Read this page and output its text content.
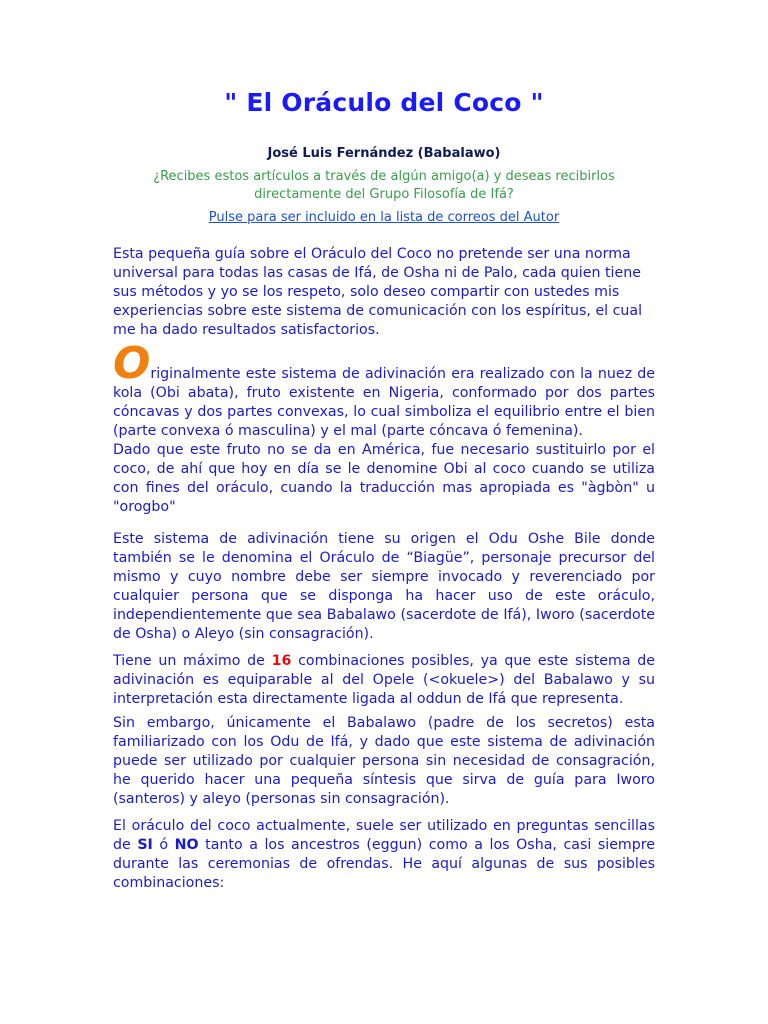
" El Oráculo del Coco "
José Luis Fernández (Babalawo)
¿Recibes estos artículos a través de algún amigo(a) y deseas recibirlos
directamente del Grupo Filosofía de Ifá?
Pulse para ser incluido en la lista de correos del Autor
Esta pequeña guía sobre el Oráculo del Coco no pretende ser una norma universal para todas las casas de Ifá, de Osha ni de Palo, cada quien tiene sus métodos y yo se los respeto, solo deseo compartir con ustedes mis experiencias sobre este sistema de comunicación con los espíritus, el cual me ha dado resultados satisfactorios.
Originalmente este sistema de adivinación era realizado con la nuez de kola (Obi abata), fruto existente en Nigeria, conformado por dos partes cóncavas y dos partes convexas, lo cual simboliza el equilibrio entre el bien (parte convexa ó masculina) y el mal (parte cóncava ó femenina).
Dado que este fruto no se da en América, fue necesario sustituirlo por el coco, de ahí que hoy en día se le denomine Obi al coco cuando se utiliza con fines del oráculo, cuando la traducción mas apropiada es "àgbòn" u "orogbo"
Este sistema de adivinación tiene su origen el Odu Oshe Bile donde también se le denomina el Oráculo de “Biagüe”, personaje precursor del mismo y cuyo nombre debe ser siempre invocado y reverenciado por cualquier persona que se disponga ha hacer uso de este oráculo, independientemente que sea Babalawo (sacerdote de Ifá), Iworo (sacerdote de Osha) o Aleyo (sin consagración).
Tiene un máximo de 16 combinaciones posibles, ya que este sistema de adivinación es equiparable al del Opele (<okuele>) del Babalawo y su interpretación esta directamente ligada al oddun de Ifá que representa.
Sin embargo, únicamente el Babalawo (padre de los secretos) esta familiarizado con los Odu de Ifá, y dado que este sistema de adivinación puede ser utilizado por cualquier persona sin necesidad de consagración, he querido hacer una pequeña síntesis que sirva de guía para Iworo (santeros) y aleyo (personas sin consagración).
El oráculo del coco actualmente, suele ser utilizado en preguntas sencillas de SI ó NO tanto a los ancestros (eggun) como a los Osha, casi siempre durante las ceremonias de ofrendas. He aquí algunas de sus posibles combinaciones:
